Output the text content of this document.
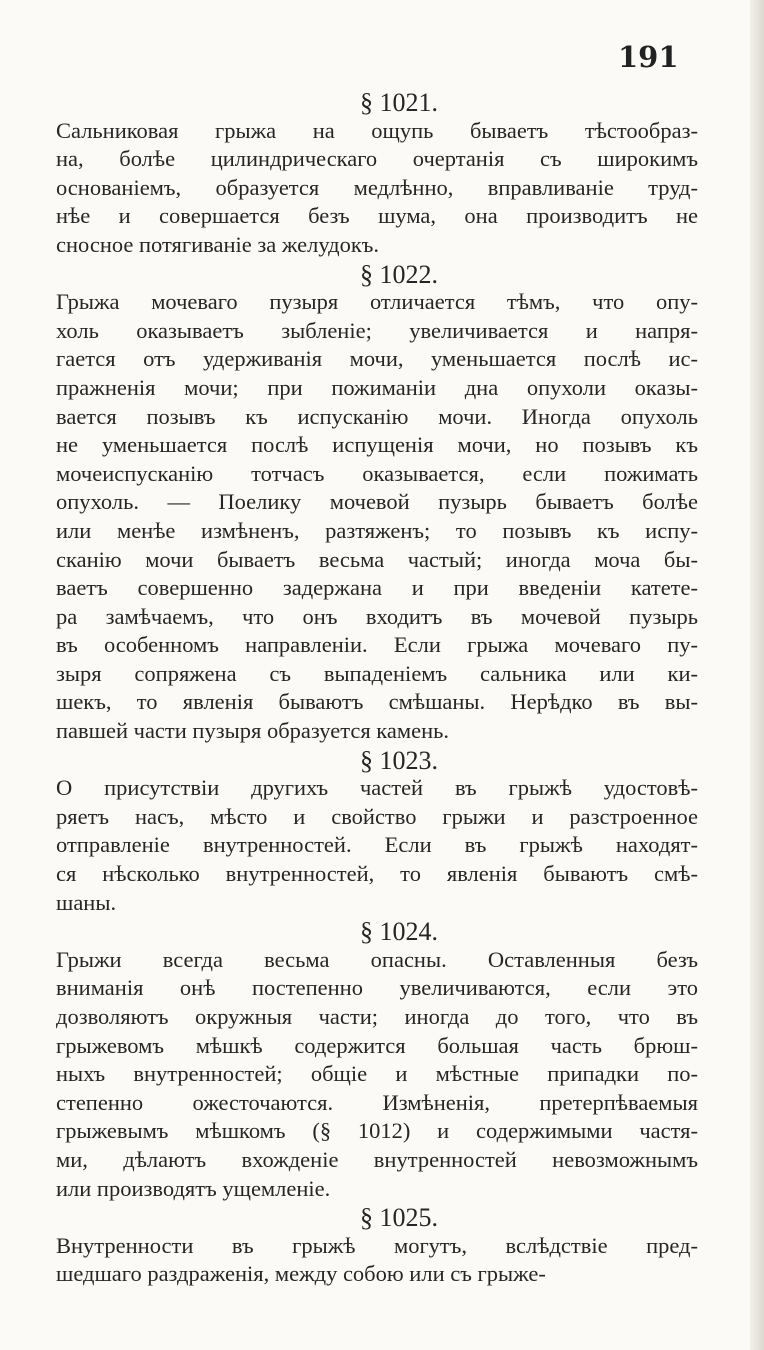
191
§ 1021.
Сальниковая грыжа на ощупь бываетъ тѣстообраз-
на, болѣе цилиндрическаго очертанія съ широкимъ
основаніемъ, образуется медлѣнно, вправливаніе труд-
нѣе и совершается безъ шума, она производитъ не
сносное потягиваніе за желудокъ.
§ 1022.
Грыжа мочеваго пузыря отличается тѣмъ, что опу-
холь оказываетъ зыбленіе; увеличивается и напря-
гается отъ удерживанія мочи, уменьшается послѣ ис-
пражненія мочи; при пожиманіи дна опухоли оказы-
вается позывъ къ испусканію мочи. Иногда опухоль
не уменьшается послѣ испущенія мочи, но позывъ къ
мочеиспусканію тотчасъ оказывается, если пожимать
опухоль. — Поелику мочевой пузырь бываетъ болѣе
или менѣе измѣненъ, разтяженъ; то позывъ къ испу-
сканію мочи бываетъ весьма частый; иногда моча бы-
ваетъ совершенно задержана и при введеніи катете-
ра замѣчаемъ, что онъ входитъ въ мочевой пузырь
въ особенномъ направленіи. Если грыжа мочеваго пу-
зыря сопряжена съ выпаденіемъ сальника или ки-
шекъ, то явленія бываютъ смѣшаны. Нерѣдко въ вы-
павшей части пузыря образуется камень.
§ 1023.
О присутствіи другихъ частей въ грыжѣ удостовѣ-
ряетъ насъ, мѣсто и свойство грыжи и разстроенное
отправленіе внутренностей. Если въ грыжѣ находят-
ся нѣсколько внутренностей, то явленія бываютъ смѣ-
шаны.
§ 1024.
Грыжи всегда весьма опасны. Оставленныя безъ
вниманія онѣ постепенно увеличиваются, если это
дозволяютъ окружныя части; иногда до того, что въ
грыжевомъ мѣшкѣ содержится большая часть брюш-
ныхъ внутренностей; общіе и мѣстные припадки по-
степенно ожесточаются. Измѣненія, претерпѣваемыя
грыжевымъ мѣшкомъ (§ 1012) и содержимыми частя-
ми, дѣлаютъ вхожденіе внутренностей невозможнымъ
или производятъ ущемленіе.
§ 1025.
Внутренности въ грыжѣ могутъ, вслѣдствіе пред-
шедшаго раздраженія, между собою или съ грыже-
